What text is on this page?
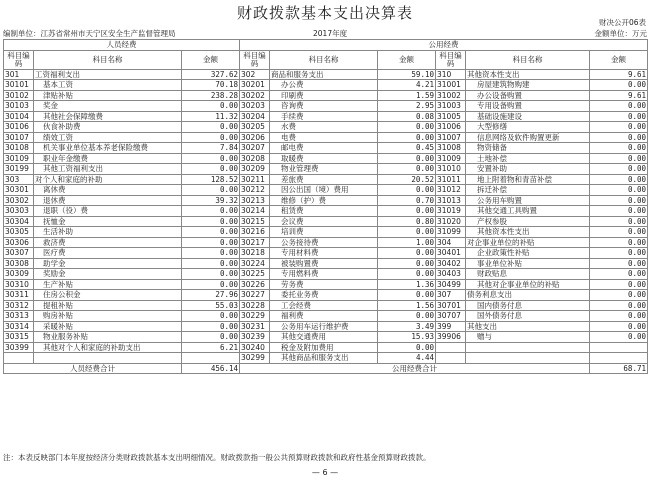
财政拨款基本支出决算表
财决公开06表
编制单位：江苏省常州市天宁区安全生产监督管理局	2017年度	金额单位：万元
人员经费			公用经费					
科目编码	科目名称	金额	科目编码	科目名称	金额	科目编码	科目名称	金额
301	工资福利支出	327.62	302	商品和服务支出	59.10	310	其他资本性支出	9.61
30101	基本工资	70.18	30201	办公费	4.21	31001	房屋建筑物购建	0.00
30102	津贴补贴	238.28	30202	印刷费	1.59	31002	办公设备购置	9.61
30103	奖金	0.00	30203	咨询费	2.95	31003	专用设备购置	0.00
30104	其他社会保障缴费	11.32	30204	手续费	0.08	31005	基础设施建设	0.00
30106	伙食补助费	0.00	30205	水费	0.00	31006	大型修缮	0.00
30107	绩效工资	0.00	30206	电费	0.00	31007	信息网络及软件购置更新	0.00
30108	机关事业单位基本养老保险缴费	7.84	30207	邮电费	0.45	31008	物资储备	0.00
30109	职业年金缴费	0.00	30208	取暖费	0.00	31009	土地补偿	0.00
30199	其他工资福利支出	0.00	30209	物业管理费	0.00	31010	安置补助	0.00
303	对个人和家庭的补助	128.52	30211	差旅费	20.52	31011	地上附着物和青苗补偿	0.00
30301	离休费	0.00	30212	因公出国（境）费用	0.00	31012	拆迁补偿	0.00
30302	退休费	39.32	30213	维修（护）费	0.70	31013	公务用车购置	0.00
30303	退职（役）费	0.00	30214	租赁费	0.00	31019	其他交通工具购置	0.00
30304	抚恤金	0.00	30215	会议费	0.80	31020	产权参股	0.00
30305	生活补助	0.00	30216	培训费	0.00	31099	其他资本性支出	0.00
30306	救济费	0.00	30217	公务接待费	1.00	304	对企事业单位的补贴	0.00
30307	医疗费	0.00	30218	专用材料费	0.00	30401	企业政策性补贴	0.00
30308	助学金	0.00	30224	被装购置费	0.00	30402	事业单位补贴	0.00
30309	奖励金	0.00	30225	专用燃料费	0.00	30403	财政贴息	0.00
30310	生产补贴	0.00	30226	劳务费	1.36	30499	其他对企事业单位的补贴	0.00
30311	住房公积金	27.96	30227	委托业务费	0.00	307	债务利息支出	0.00
30312	提租补贴	55.03	30228	工会经费	1.56	30701	国内债务付息	0.00
30313	购房补贴	0.00	30229	福利费	0.00	30707	国外债务付息	0.00
30314	采暖补贴	0.00	30231	公务用车运行维护费	3.49	399	其他支出	0.00
30315	物业服务补贴	0.00	30239	其他交通费用	15.93	39906	赠与	0.00
30399	其他对个人和家庭的补助支出	6.21	30240	税金及附加费用	0.00			
			30299	其他商品和服务支出	4.44			
人员经费合计		456.14	公用经费合计					68.71
注：本表反映部门本年度按经济分类财政拨款基本支出明细情况。财政拨款指一般公共预算财政拨款和政府性基金预算财政拨款。
— 6 —
